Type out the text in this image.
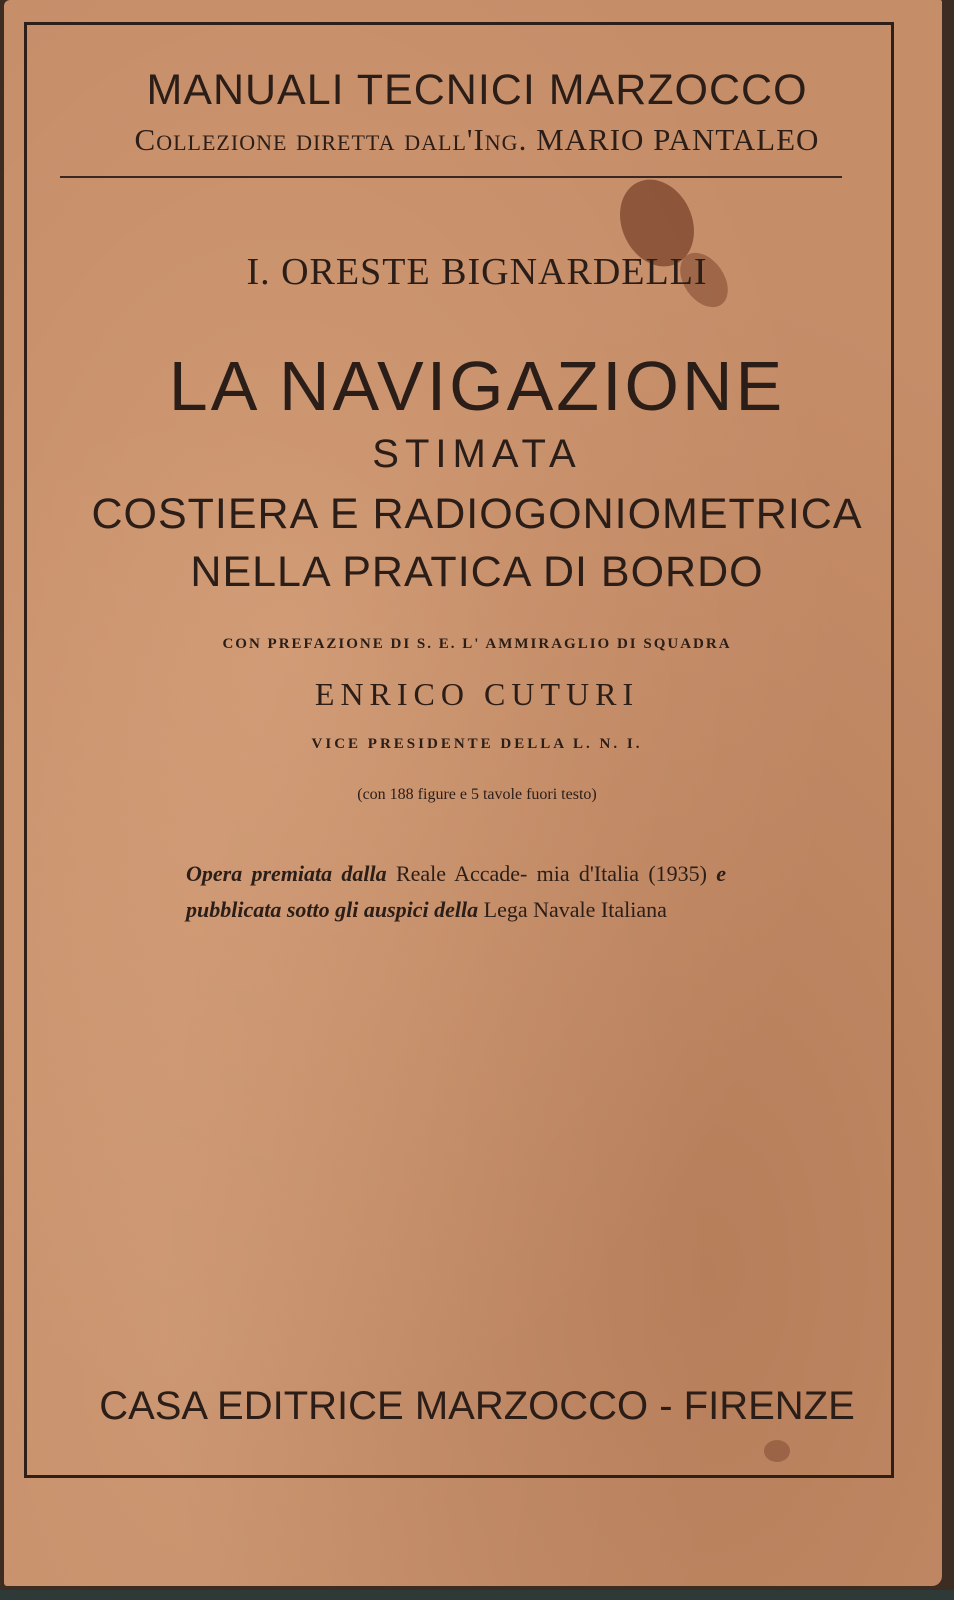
MANUALI TECNICI MARZOCCO
Collezione diretta dall'Ing. MARIO PANTALEO
I. ORESTE BIGNARDELLI
LA NAVIGAZIONE
STIMATA
COSTIERA E RADIOGONIOMETRICA
NELLA PRATICA DI BORDO
CON PREFAZIONE DI S. E. L' AMMIRAGLIO DI SQUADRA
ENRICO CUTURI
VICE PRESIDENTE DELLA L. N. I.
(con 188 figure e 5 tavole fuori testo)
Opera premiata dalla Reale Accade- mia d'Italia (1935) e pubblicata sotto gli auspici della Lega Navale Italiana
CASA EDITRICE MARZOCCO - FIRENZE
